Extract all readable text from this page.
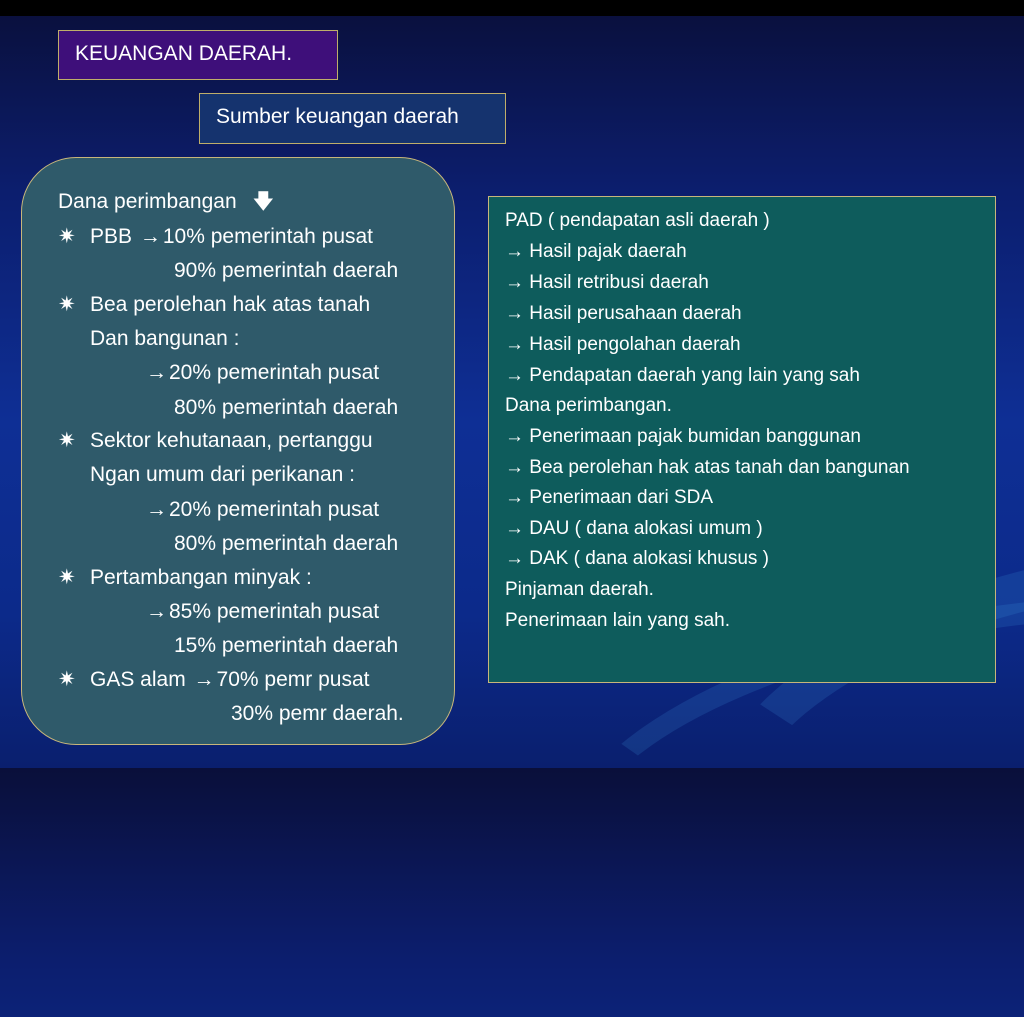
KEUANGAN DAERAH.
Sumber keuangan daerah
Dana perimbangan 🡇
✷ PBB →10% pemerintah pusat
90% pemerintah daerah
✷ Bea perolehan hak atas tanah
Dan bangunan :
→20% pemerintah pusat
80% pemerintah daerah
✷ Sektor kehutanaan, pertanggu
Ngan umum dari perikanan :
→20% pemerintah pusat
80% pemerintah daerah
✷ Pertambangan minyak :
→85% pemerintah pusat
15% pemerintah daerah
✷ GAS alam →70% pemr pusat
30% pemr daerah.
PAD ( pendapatan asli daerah )
→ Hasil pajak daerah
→ Hasil retribusi daerah
→ Hasil perusahaan daerah
→ Hasil pengolahan daerah
→ Pendapatan daerah yang lain yang sah
Dana perimbangan.
→ Penerimaan pajak bumidan banggunan
→ Bea perolehan hak atas tanah dan bangunan
→ Penerimaan dari SDA
→ DAU ( dana alokasi umum )
→ DAK ( dana alokasi khusus )
Pinjaman daerah.
Penerimaan lain yang sah.
